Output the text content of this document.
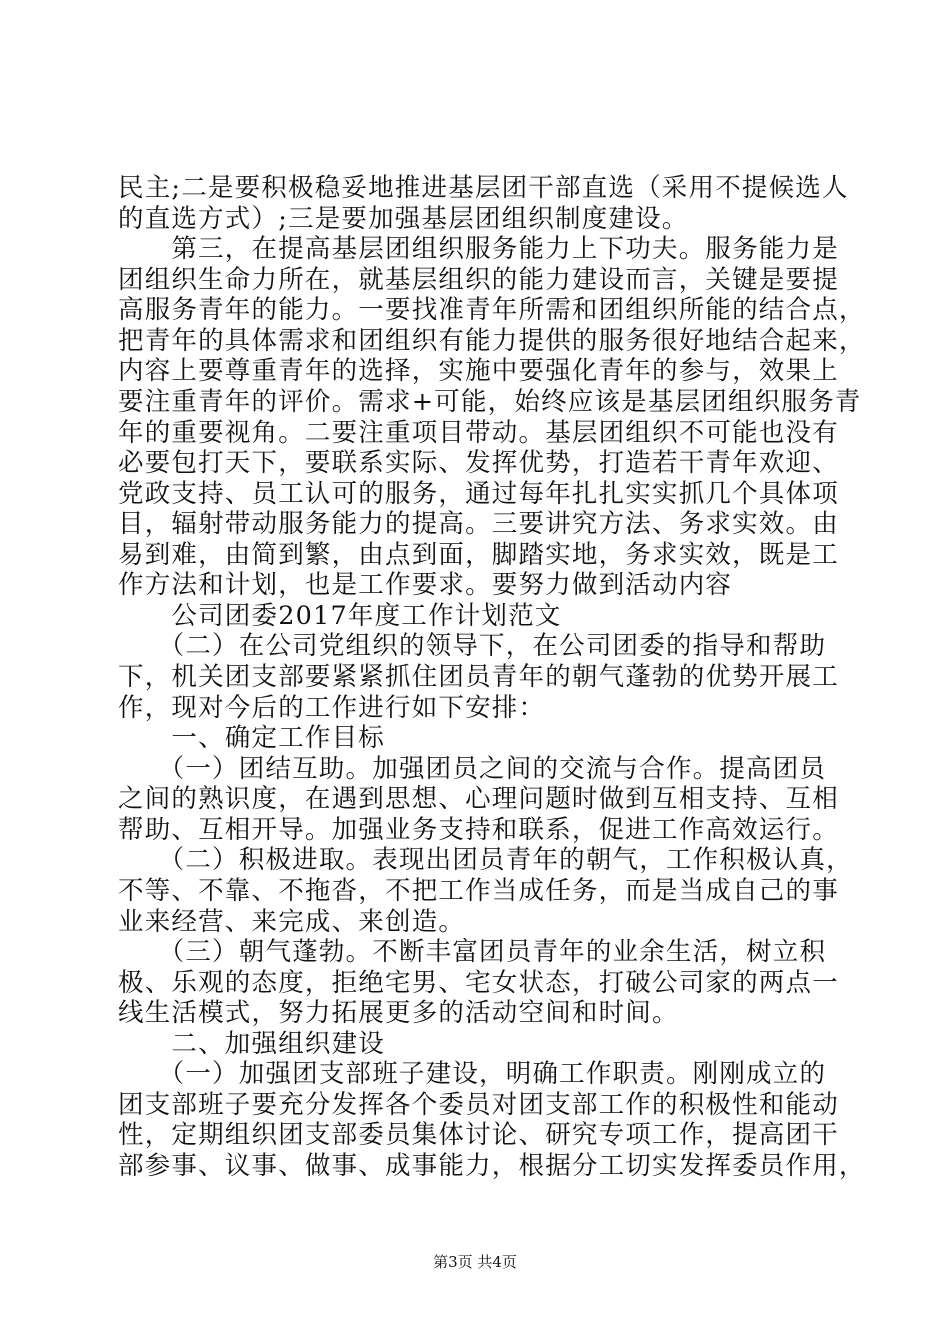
民主;二是要积极稳妥地推进基层团干部直选（采用不提候选人
的直选方式）;三是要加强基层团组织制度建设。
　　第三，在提高基层团组织服务能力上下功夫。服务能力是
团组织生命力所在，就基层组织的能力建设而言，关键是要提
高服务青年的能力。一要找准青年所需和团组织所能的结合点，
把青年的具体需求和团组织有能力提供的服务很好地结合起来，
内容上要尊重青年的选择，实施中要强化青年的参与，效果上
要注重青年的评价。需求+可能，始终应该是基层团组织服务青
年的重要视角。二要注重项目带动。基层团组织不可能也没有
必要包打天下，要联系实际、发挥优势，打造若干青年欢迎、
党政支持、员工认可的服务，通过每年扎扎实实抓几个具体项
目，辐射带动服务能力的提高。三要讲究方法、务求实效。由
易到难，由简到繁，由点到面，脚踏实地，务求实效，既是工
作方法和计划，也是工作要求。要努力做到活动内容
　　公司团委2017年度工作计划范文
　　（二）在公司党组织的领导下，在公司团委的指导和帮助
下，机关团支部要紧紧抓住团员青年的朝气蓬勃的优势开展工
作，现对今后的工作进行如下安排：
　　一、确定工作目标
　　（一）团结互助。加强团员之间的交流与合作。提高团员
之间的熟识度，在遇到思想、心理问题时做到互相支持、互相
帮助、互相开导。加强业务支持和联系，促进工作高效运行。
　　（二）积极进取。表现出团员青年的朝气，工作积极认真，
不等、不靠、不拖沓，不把工作当成任务，而是当成自己的事
业来经营、来完成、来创造。
　　（三）朝气蓬勃。不断丰富团员青年的业余生活，树立积
极、乐观的态度，拒绝宅男、宅女状态，打破公司家的两点一
线生活模式，努力拓展更多的活动空间和时间。
　　二、加强组织建设
　　（一）加强团支部班子建设，明确工作职责。刚刚成立的
团支部班子要充分发挥各个委员对团支部工作的积极性和能动
性，定期组织团支部委员集体讨论、研究专项工作，提高团干
部参事、议事、做事、成事能力，根据分工切实发挥委员作用，
第3页 共4页
